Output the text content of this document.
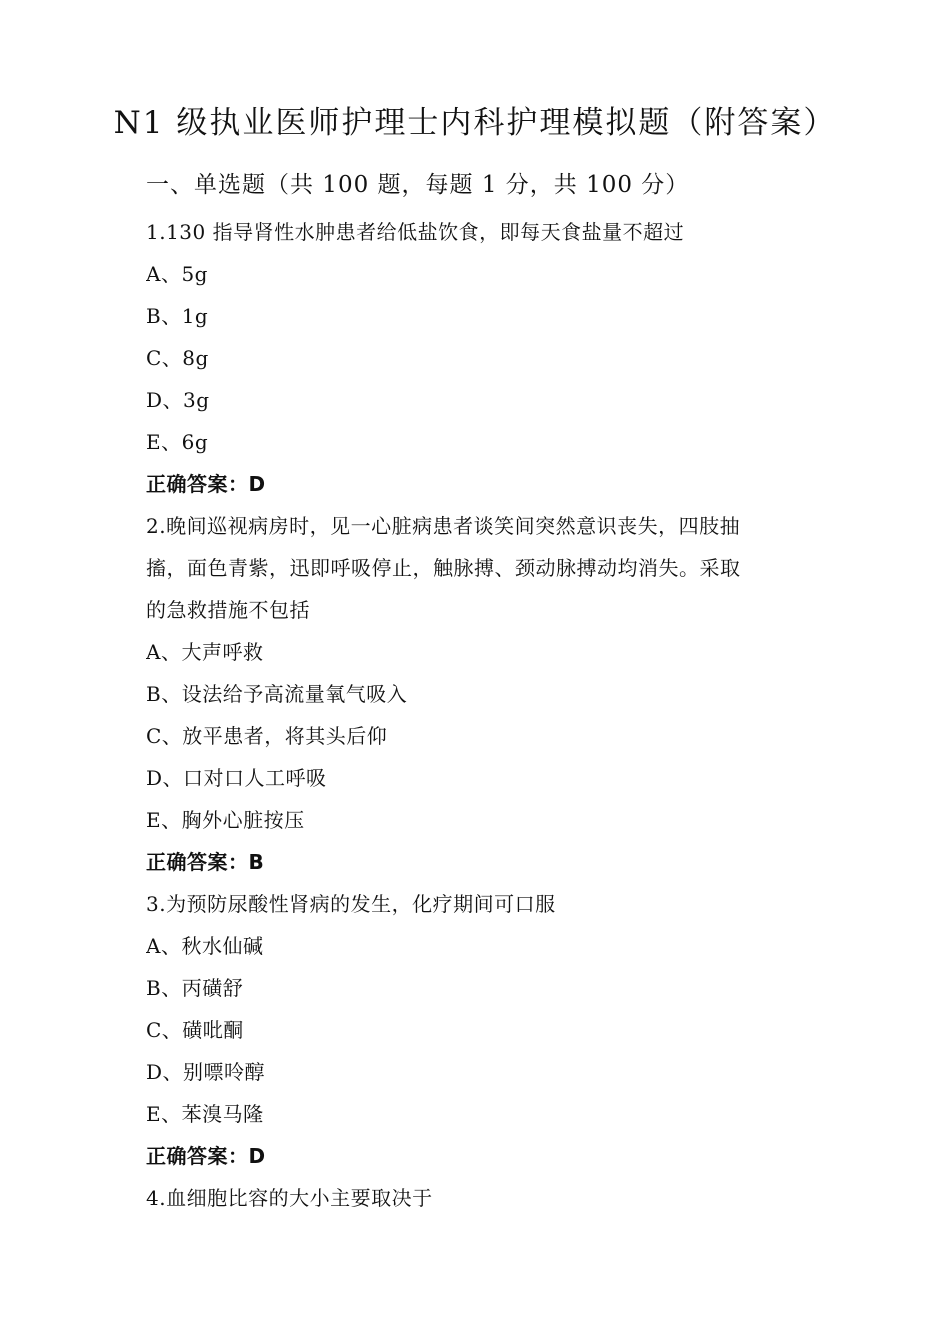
N1 级执业医师护理士内科护理模拟题（附答案）
一、单选题（共 100 题，每题 1 分，共 100 分）
1.130 指导肾性水肿患者给低盐饮食，即每天食盐量不超过
A、5g
B、1g
C、8g
D、3g
E、6g
正确答案：D
2.晚间巡视病房时，见一心脏病患者谈笑间突然意识丧失，四肢抽
搐，面色青紫，迅即呼吸停止，触脉搏、颈动脉搏动均消失。采取
的急救措施不包括
A、大声呼救
B、设法给予高流量氧气吸入
C、放平患者，将其头后仰
D、口对口人工呼吸
E、胸外心脏按压
正确答案：B
3.为预防尿酸性肾病的发生，化疗期间可口服
A、秋水仙碱
B、丙磺舒
C、磺吡酮
D、别嘌呤醇
E、苯溴马隆
正确答案：D
4.血细胞比容的大小主要取决于
